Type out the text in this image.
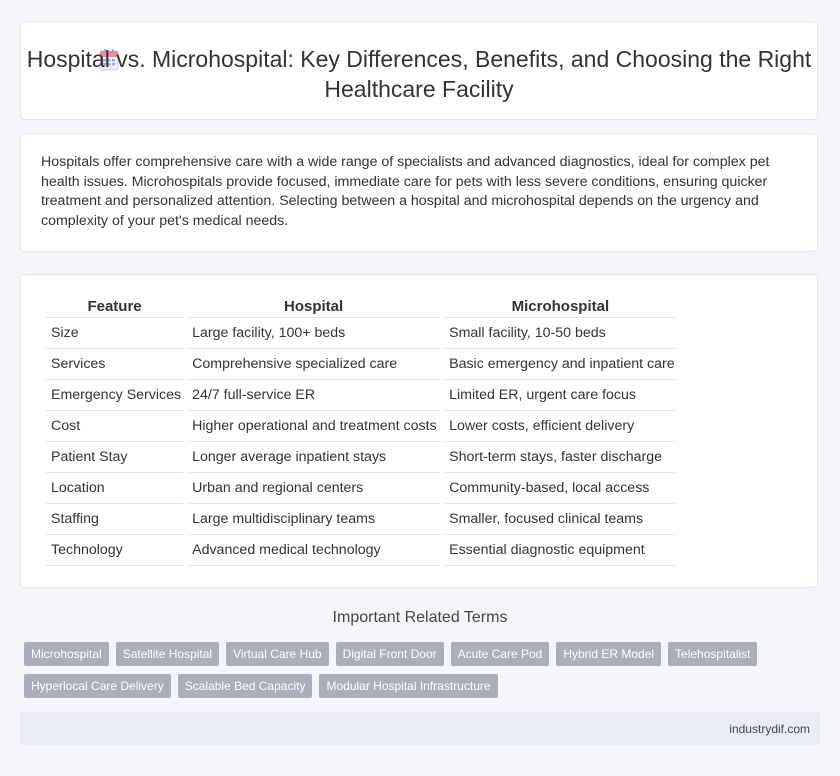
Hospital vs. Microhospital: Key Differences, Benefits, and Choosing the Right Healthcare Facility

Hospitals offer comprehensive care with a wide range of specialists and advanced diagnostics, ideal for complex pet health issues. Microhospitals provide focused, immediate care for pets with less severe conditions, ensuring quicker treatment and personalized attention. Selecting between a hospital and microhospital depends on the urgency and complexity of your pet's medical needs.

Feature	Hospital	Microhospital
Size	Large facility, 100+ beds	Small facility, 10-50 beds
Services	Comprehensive specialized care	Basic emergency and inpatient care
Emergency Services	24/7 full-service ER	Limited ER, urgent care focus
Cost	Higher operational and treatment costs	Lower costs, efficient delivery
Patient Stay	Longer average inpatient stays	Short-term stays, faster discharge
Location	Urban and regional centers	Community-based, local access
Staffing	Large multidisciplinary teams	Smaller, focused clinical teams
Technology	Advanced medical technology	Essential diagnostic equipment
Important Related Terms
Microhospital	Satellite Hospital	Virtual Care Hub	Digital Front Door	Acute Care Pod	Hybrid ER Model	Telehospitalist
Hyperlocal Care Delivery	Scalable Bed Capacity	Modular Hospital Infrastructure
industrydif.com
